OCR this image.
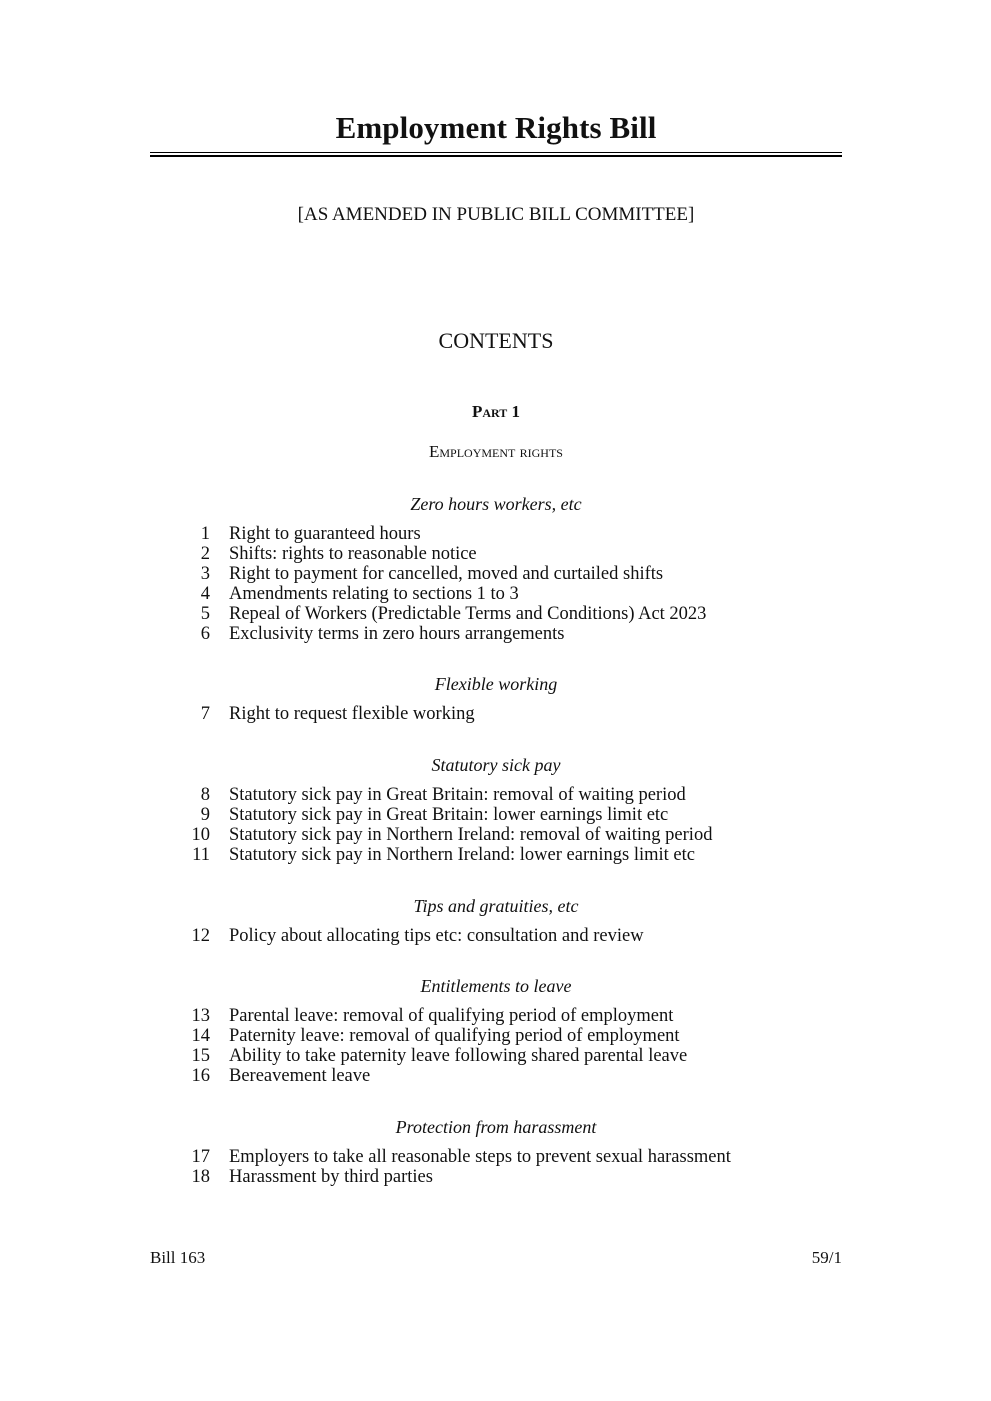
Employment Rights Bill
[AS AMENDED IN PUBLIC BILL COMMITTEE]
CONTENTS
Part 1
Employment rights
Zero hours workers, etc
1	Right to guaranteed hours
2	Shifts: rights to reasonable notice
3	Right to payment for cancelled, moved and curtailed shifts
4	Amendments relating to sections 1 to 3
5	Repeal of Workers (Predictable Terms and Conditions) Act 2023
6	Exclusivity terms in zero hours arrangements
Flexible working
7	Right to request flexible working
Statutory sick pay
8	Statutory sick pay in Great Britain: removal of waiting period
9	Statutory sick pay in Great Britain: lower earnings limit etc
10	Statutory sick pay in Northern Ireland: removal of waiting period
11	Statutory sick pay in Northern Ireland: lower earnings limit etc
Tips and gratuities, etc
12	Policy about allocating tips etc: consultation and review
Entitlements to leave
13	Parental leave: removal of qualifying period of employment
14	Paternity leave: removal of qualifying period of employment
15	Ability to take paternity leave following shared parental leave
16	Bereavement leave
Protection from harassment
17	Employers to take all reasonable steps to prevent sexual harassment
18	Harassment by third parties
Bill 163	59/1
